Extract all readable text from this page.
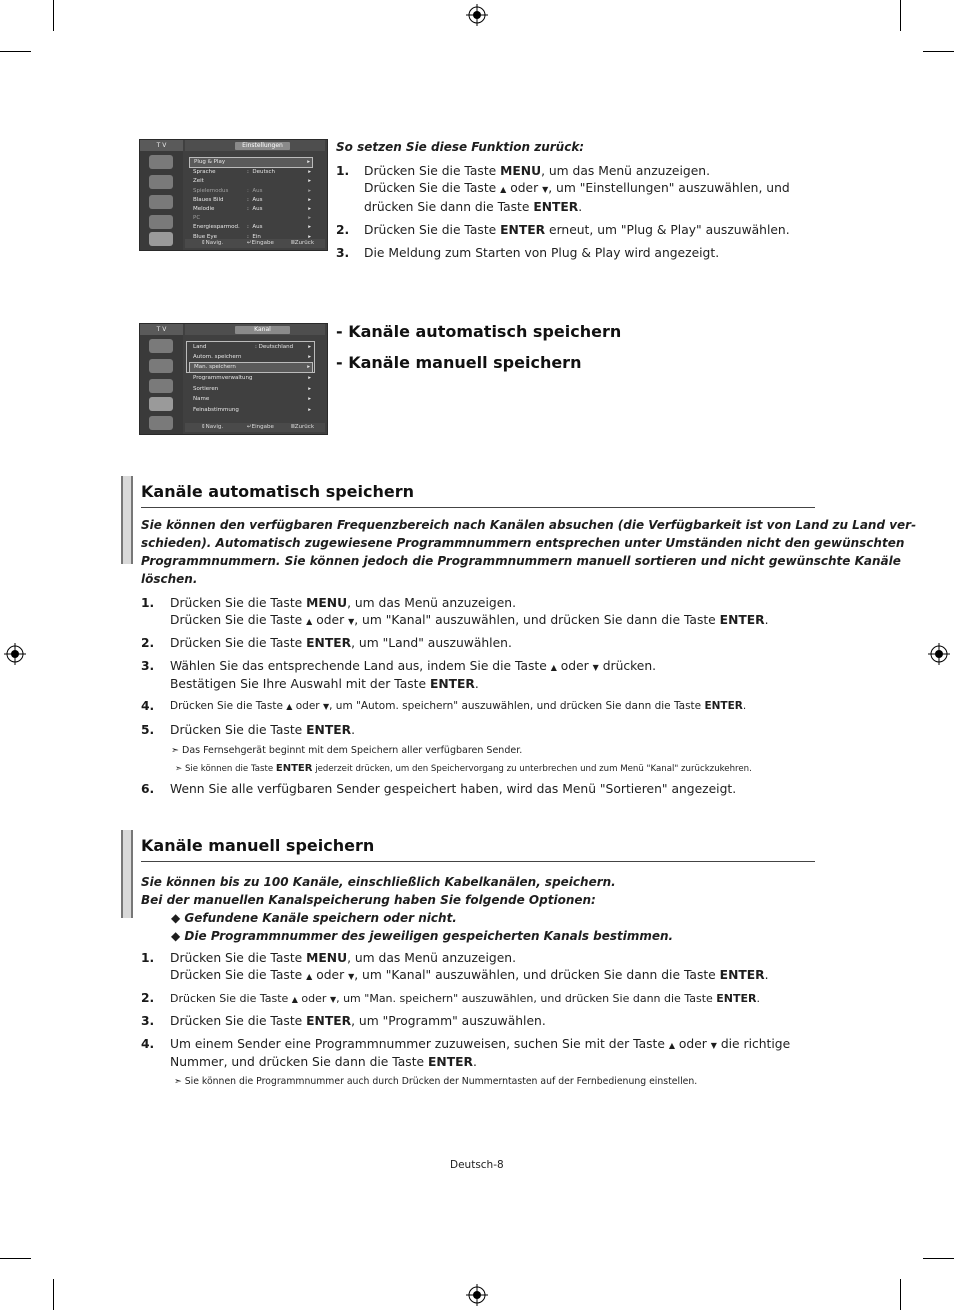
T V	Einstellungen
Plug & Play	▸
Sprache	: Deutsch	▸
Zeit	▸
Spielemodus	: Aus	▸
Blaues Bild	: Aus	▸
Melodie	: Aus	▸
PC	▸
Energiesparmod. : Aus	▸
Blue Eye	: Ein	▸
⇕ Navig.	↵ Eingabe	Ⅲ Zurück
T V	Kanal
Land	: Deutschland	▸
Autom. speichern	▸
Man. speichern	▸
Programmverwaltung	▸
Sortieren	▸
Name	▸
Feinabstimmung	▸
⇕ Navig.	↵ Eingabe	Ⅲ Zurück
So setzen Sie diese Funktion zurück:
1. Drücken Sie die Taste MENU, um das Menü anzuzeigen.
Drücken Sie die Taste ▲ oder ▼, um "Einstellungen" auszuwählen, und
drücken Sie dann die Taste ENTER.
2. Drücken Sie die Taste ENTER erneut, um "Plug & Play" auszuwählen.
3. Die Meldung zum Starten von Plug & Play wird angezeigt.
- Kanäle automatisch speichern
- Kanäle manuell speichern
Kanäle automatisch speichern
Sie können den verfügbaren Frequenzbereich nach Kanälen absuchen (die Verfügbarkeit ist von Land zu Land ver-
schieden). Automatisch zugewiesene Programmnummern entsprechen unter Umständen nicht den gewünschten
Programmnummern. Sie können jedoch die Programmnummern manuell sortieren und nicht gewünschte Kanäle
löschen.
1. Drücken Sie die Taste MENU, um das Menü anzuzeigen.
Drücken Sie die Taste ▲ oder ▼, um "Kanal" auszuwählen, und drücken Sie dann die Taste ENTER.
2. Drücken Sie die Taste ENTER, um "Land" auszuwählen.
3. Wählen Sie das entsprechende Land aus, indem Sie die Taste ▲ oder ▼ drücken.
Bestätigen Sie Ihre Auswahl mit der Taste ENTER.
4. Drücken Sie die Taste ▲ oder ▼, um "Autom. speichern" auszuwählen, und drücken Sie dann die Taste ENTER.
5. Drücken Sie die Taste ENTER.
➣ Das Fernsehgerät beginnt mit dem Speichern aller verfügbaren Sender.
➣ Sie können die Taste ENTER jederzeit drücken, um den Speichervorgang zu unterbrechen und zum Menü "Kanal" zurückzukehren.
6. Wenn Sie alle verfügbaren Sender gespeichert haben, wird das Menü "Sortieren" angezeigt.
Kanäle manuell speichern
Sie können bis zu 100 Kanäle, einschließlich Kabelkanälen, speichern.
Bei der manuellen Kanalspeicherung haben Sie folgende Optionen:
◆ Gefundene Kanäle speichern oder nicht.
◆ Die Programmnummer des jeweiligen gespeicherten Kanals bestimmen.
1. Drücken Sie die Taste MENU, um das Menü anzuzeigen.
Drücken Sie die Taste ▲ oder ▼, um "Kanal" auszuwählen, und drücken Sie dann die Taste ENTER.
2. Drücken Sie die Taste ▲ oder ▼, um "Man. speichern" auszuwählen, und drücken Sie dann die Taste ENTER.
3. Drücken Sie die Taste ENTER, um "Programm" auszuwählen.
4. Um einem Sender eine Programmnummer zuzuweisen, suchen Sie mit der Taste ▲ oder ▼ die richtige
Nummer, und drücken Sie dann die Taste ENTER.
➣ Sie können die Programmnummer auch durch Drücken der Nummerntasten auf der Fernbedienung einstellen.
Deutsch-8
